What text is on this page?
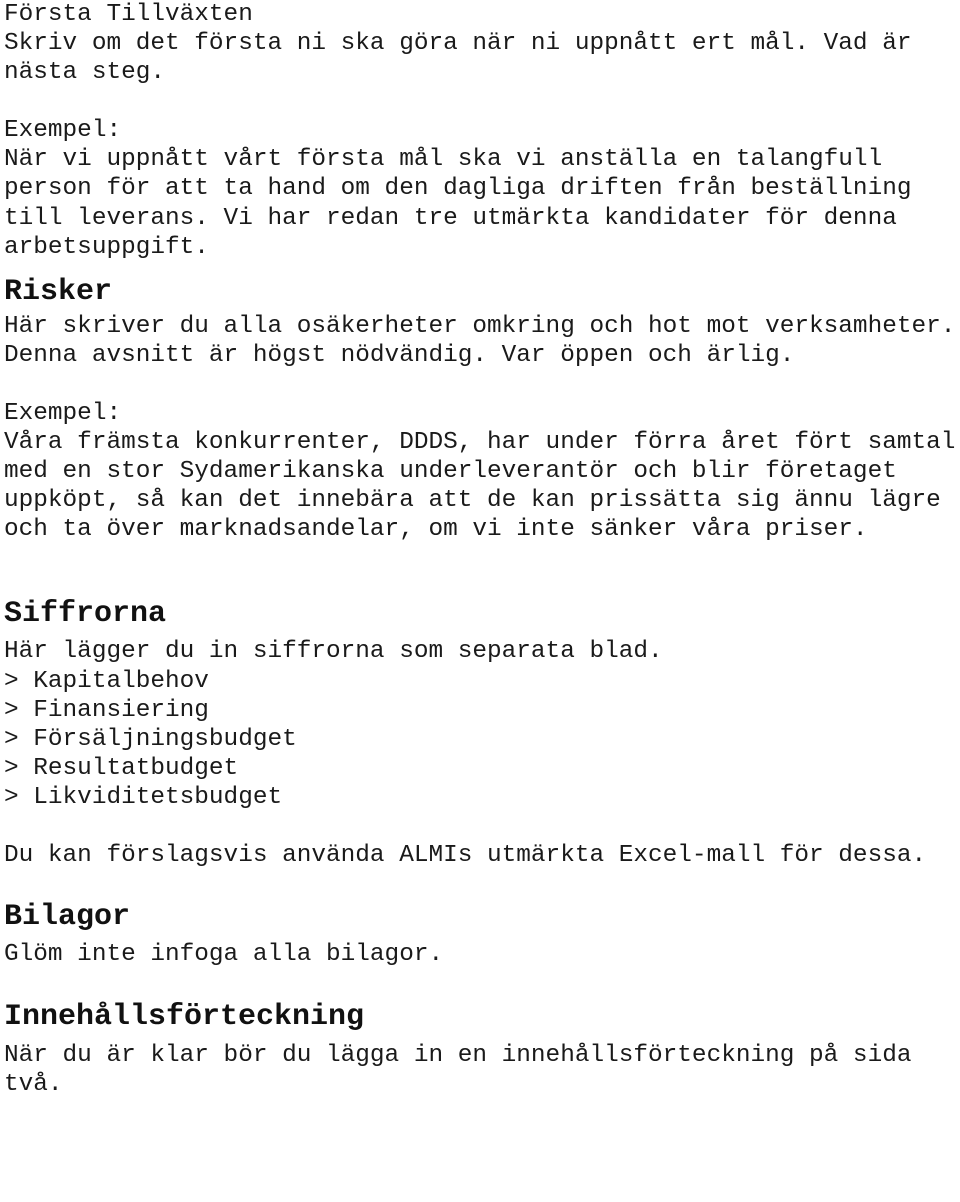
Första Tillväxten

Skriv om det första ni ska göra när ni uppnått ert mål. Vad är nästa steg.

Exempel:

När vi uppnått vårt första mål ska vi anställa en talangfull person för att ta hand om den dagliga driften från beställning till leverans. Vi har redan tre utmärkta kandidater för denna arbetsuppgift.

Risker

Här skriver du alla osäkerheter omkring och hot mot verksamheter. Denna avsnitt är högst nödvändig. Var öppen och ärlig.

Exempel:

Våra främsta konkurrenter, DDDS, har under förra året fört samtal med en stor Sydamerikanska underleverantör och blir företaget uppköpt, så kan det innebära att de kan prissätta sig ännu lägre och ta över marknadsandelar, om vi inte sänker våra priser.

Siffrorna

Här lägger du in siffrorna som separata blad.

> Kapitalbehov

> Finansiering

> Försäljningsbudget

> Resultatbudget

> Likviditetsbudget

Du kan förslagsvis använda ALMIs utmärkta Excel-mall för dessa.

Bilagor

Glöm inte infoga alla bilagor.

Innehållsförteckning

När du är klar bör du lägga in en innehållsförteckning på sida två.
